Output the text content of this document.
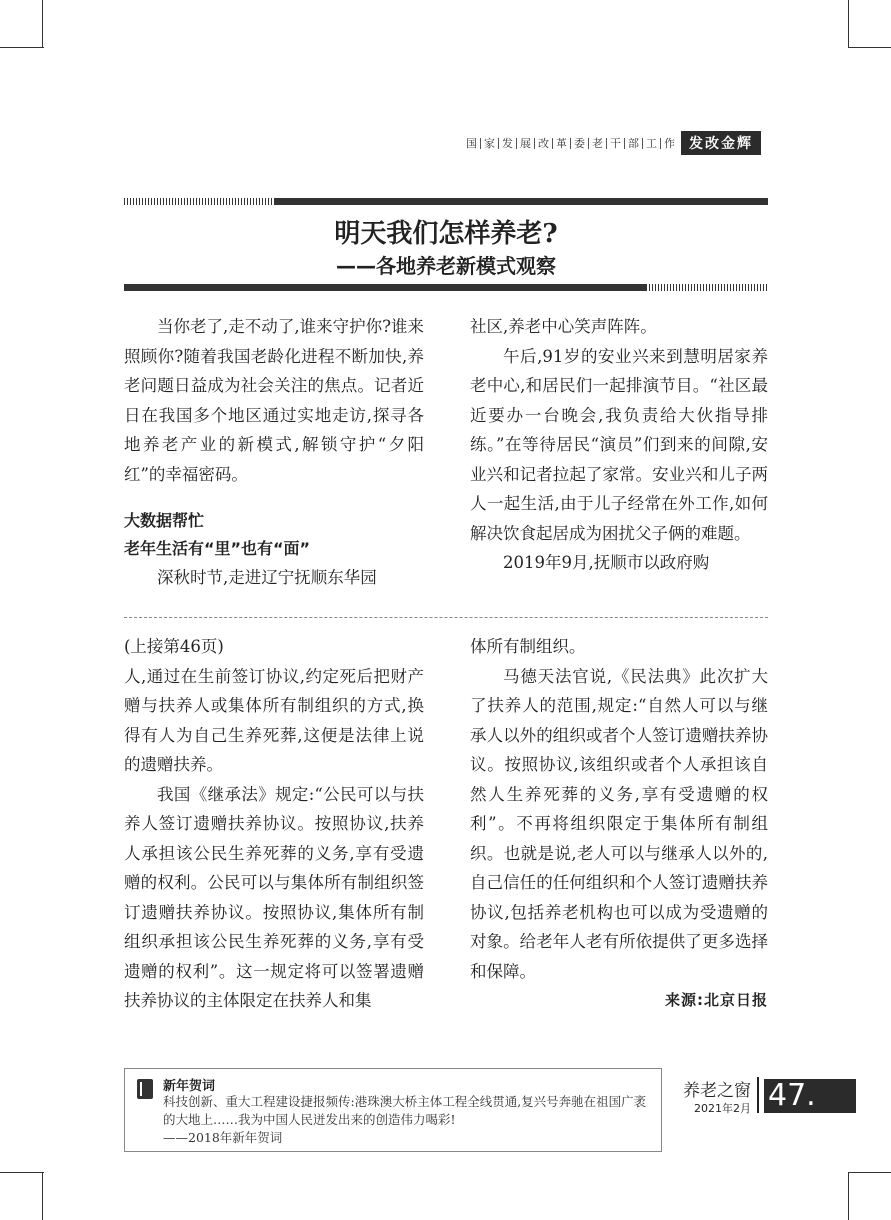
国 家 发 展 改 革 委 老 干 部 工 作	发改金辉
明天我们怎样养老?
——各地养老新模式观察

当你老了,走不动了,谁来守护你?谁来照顾你?随着我国老龄化进程不断加快,养老问题日益成为社会关注的焦点。记者近日在我国多个地区通过实地走访,探寻各地养老产业的新模式,解锁守护“夕阳红”的幸福密码。

大数据帮忙

老年生活有“里”也有“面”

深秋时节,走进辽宁抚顺东华园

社区,养老中心笑声阵阵。

午后,91岁的安业兴来到慧明居家养老中心,和居民们一起排演节目。“社区最近要办一台晚会,我负责给大伙指导排练。”在等待居民“演员”们到来的间隙,安业兴和记者拉起了家常。安业兴和儿子两人一起生活,由于儿子经常在外工作,如何解决饮食起居成为困扰父子俩的难题。

2019年9月,抚顺市以政府购

(上接第46页)

人,通过在生前签订协议,约定死后把财产赠与扶养人或集体所有制组织的方式,换得有人为自己生养死葬,这便是法律上说的遗赠扶养。

我国《继承法》规定:“公民可以与扶养人签订遗赠扶养协议。按照协议,扶养人承担该公民生养死葬的义务,享有受遗赠的权利。公民可以与集体所有制组织签订遗赠扶养协议。按照协议,集体所有制组织承担该公民生养死葬的义务,享有受遗赠的权利”。这一规定将可以签署遗赠扶养协议的主体限定在扶养人和集

体所有制组织。

马德天法官说,《民法典》此次扩大了扶养人的范围,规定:“自然人可以与继承人以外的组织或者个人签订遗赠扶养协议。按照协议,该组织或者个人承担该自然人生养死葬的义务,享有受遗赠的权利”。不再将组织限定于集体所有制组织。也就是说,老人可以与继承人以外的,自己信任的任何组织和个人签订遗赠扶养协议,包括养老机构也可以成为受遗赠的对象。给老年人老有所依提供了更多选择和保障。

来源:北京日报

新年贺词
科技创新、重大工程建设捷报频传:港珠澳大桥主体工程全线贯通,复兴号奔驰在祖国广袤的大地上……我为中国人民迸发出来的创造伟力喝彩!
——2018年新年贺词
养老之窗
2021年2月 47.
